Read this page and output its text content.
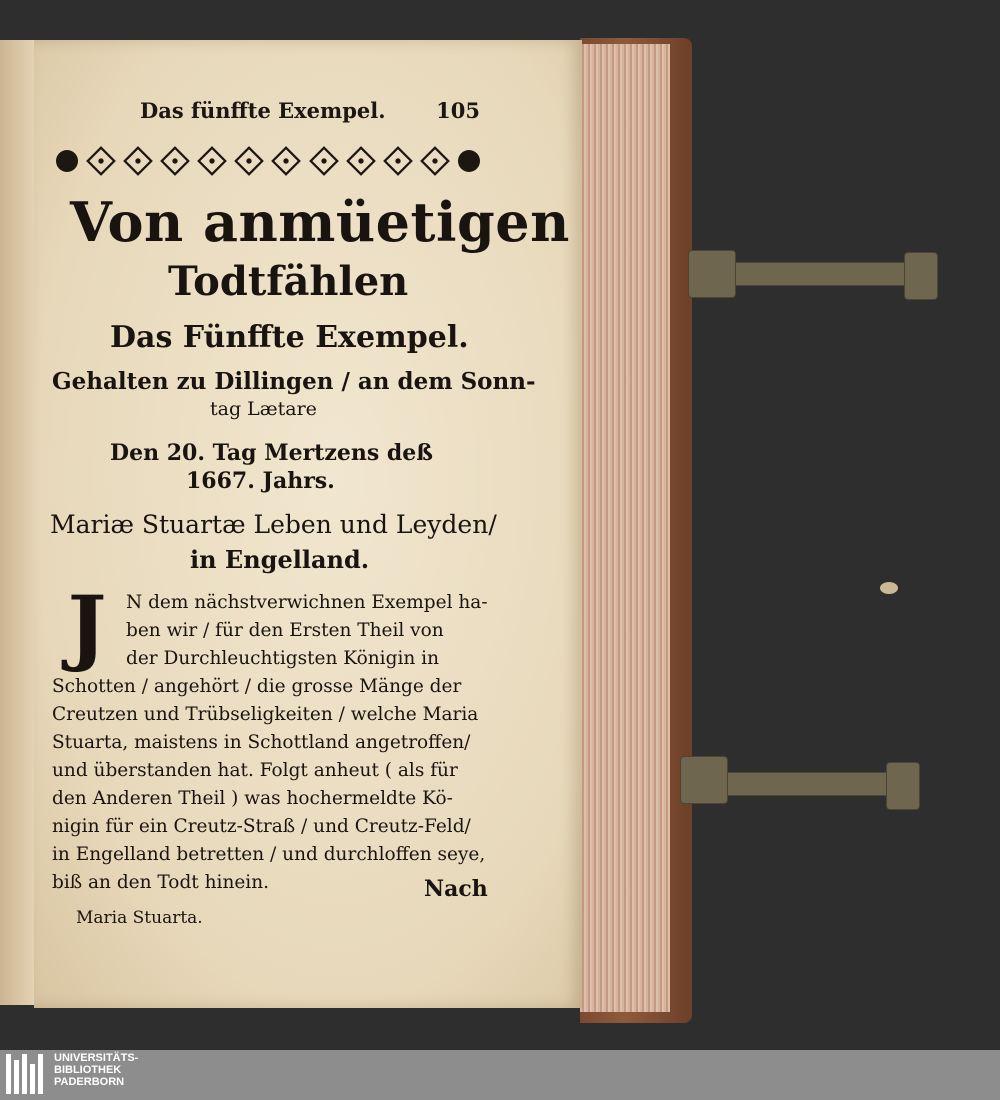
Das fünffte Exempel. 105
Von anmüetigen
Todtfählen
Das Fünffte Exempel.
Gehalten zu Dillingen / an dem Sonn-
tag Lætare
Den 20. Tag Mertzens deß
1667. Jahrs.
Mariæ Stuartæ Leben und Leyden/
in Engelland.
J	N dem nächstverwichnen Exempel ha-
ben wir / für den Ersten Theil von
der Durchleuchtigsten Königin in
Schotten / angehört / die grosse Mänge der
Creutzen und Trübseligkeiten / welche Maria
Stuarta, maistens in Schottland angetroffen/
und überstanden hat. Folgt anheut ( als für
den Anderen Theil ) was hochermeldte Kö-
nigin für ein Creutz-Straß / und Creutz-Feld/
in Engelland betretten / und durchloffen seye,
biß an den Todt hinein.	Nach
Maria Stuarta.
UNIVERSITÄTS-
BIBLIOTHEK
PADERBORN
